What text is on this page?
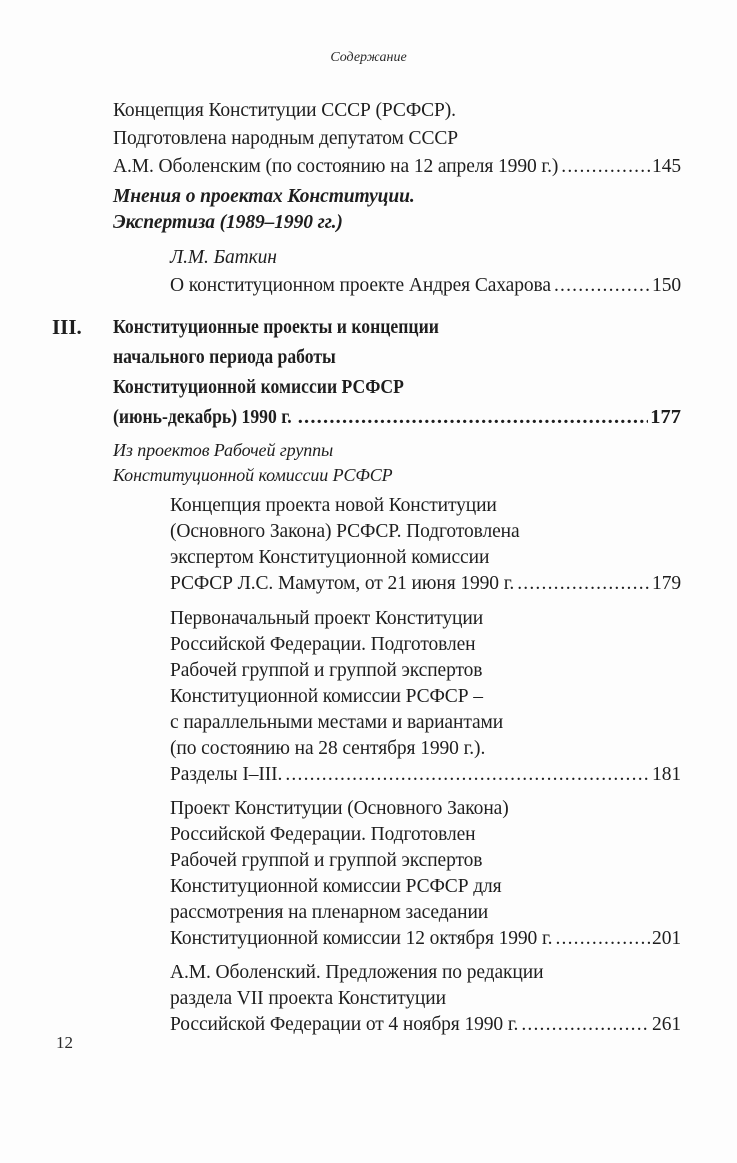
Содержание
Концепция Конституции СССР (РСФСР).
Подготовлена народным депутатом СССР
А.М. Оболенским (по состоянию на 12 апреля 1990 г.) .....	145
Мнения о проектах Конституции.
Экспертиза (1989–1990 гг.)
Л.М. Баткин
О конституционном проекте Андрея Сахарова .....	150
III. Конституционные проекты и концепции
начального периода работы
Конституционной комиссии РСФСР
(июнь-декабрь) 1990 г. .....	177
Из проектов Рабочей группы
Конституционной комиссии РСФСР
Концепция проекта новой Конституции
(Основного Закона) РСФСР. Подготовлена
экспертом Конституционной комиссии
РСФСР Л.С. Мамутом, от 21 июня 1990 г. .....	179
Первоначальный проект Конституции
Российской Федерации. Подготовлен
Рабочей группой и группой экспертов
Конституционной комиссии РСФСР –
с параллельными местами и вариантами
(по состоянию на 28 сентября 1990 г.).
Разделы I–III. .....	181
Проект Конституции (Основного Закона)
Российской Федерации. Подготовлен
Рабочей группой и группой экспертов
Конституционной комиссии РСФСР для
рассмотрения на пленарном заседании
Конституционной комиссии 12 октября 1990 г. .....	201
А.М. Оболенский. Предложения по редакции
раздела VII проекта Конституции
Российской Федерации от 4 ноября 1990 г. .....	261
12
